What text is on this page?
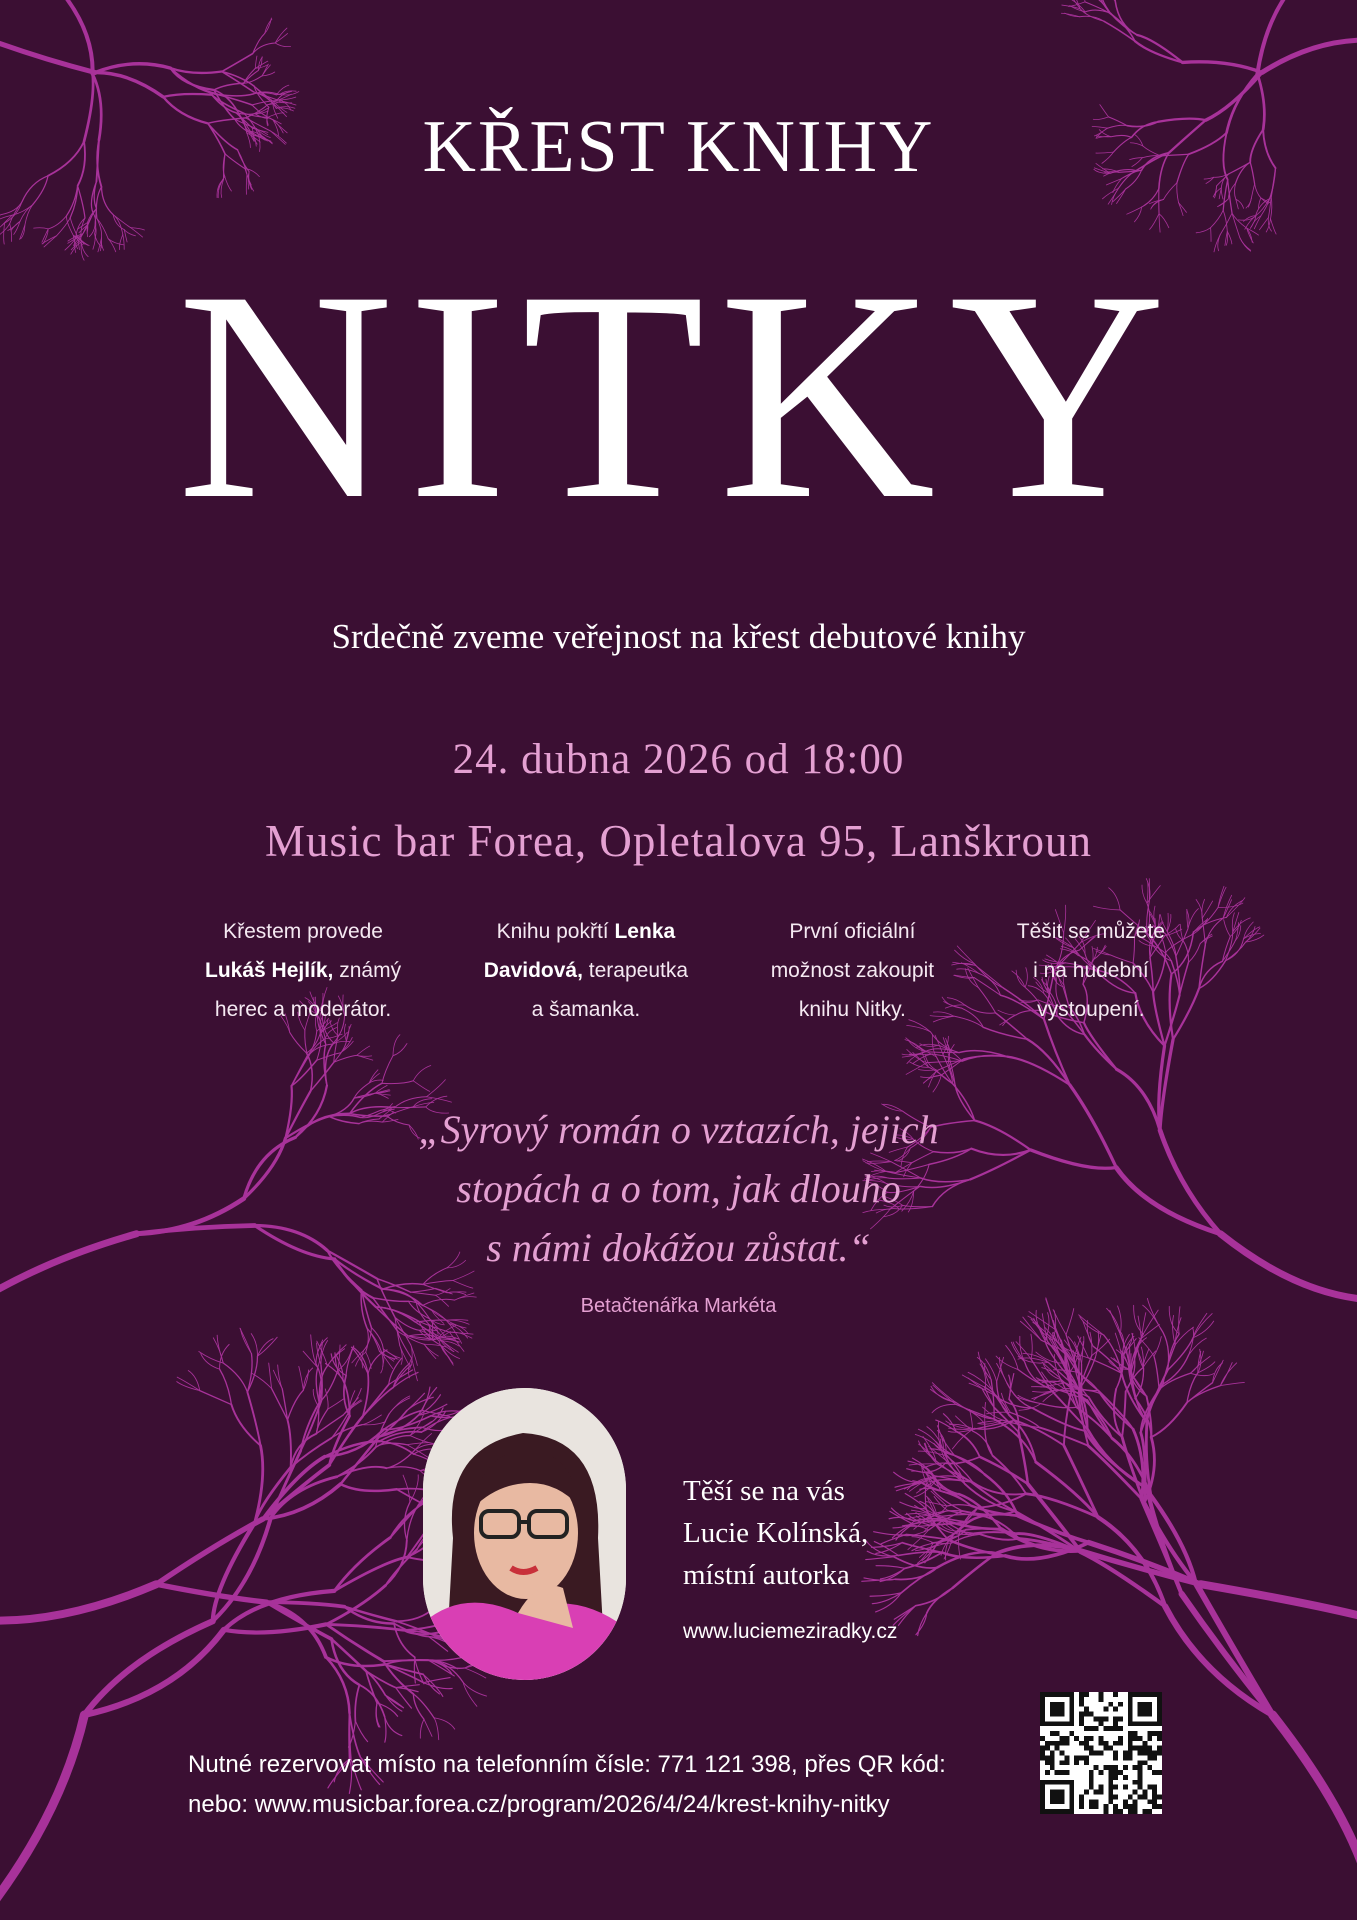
KŘEST KNIHY
NITKY
Srdečně zveme veřejnost na křest debutové knihy
24. dubna 2026 od 18:00
Music bar Forea, Opletalova 95, Lanškroun
Křestem provede
Lukáš Hejlík, známý
herec a moderátor.
Knihu pokřtí Lenka
Davidová, terapeutka
a šamanka.
První oficiální
možnost zakoupit
knihu Nitky.
Těšit se můžete
i na hudební
vystoupení.
„Syrový román o vztazích, jejich
stopách a o tom, jak dlouho
s námi dokážou zůstat.“
Betačtenářka Markéta
Těší se na vás
Lucie Kolínská,
místní autorka
www.luciemeziradky.cz
Nutné rezervovat místo na telefonním čísle: 771 121 398, přes QR kód:
nebo: www.musicbar.forea.cz/program/2026/4/24/krest-knihy-nitky
